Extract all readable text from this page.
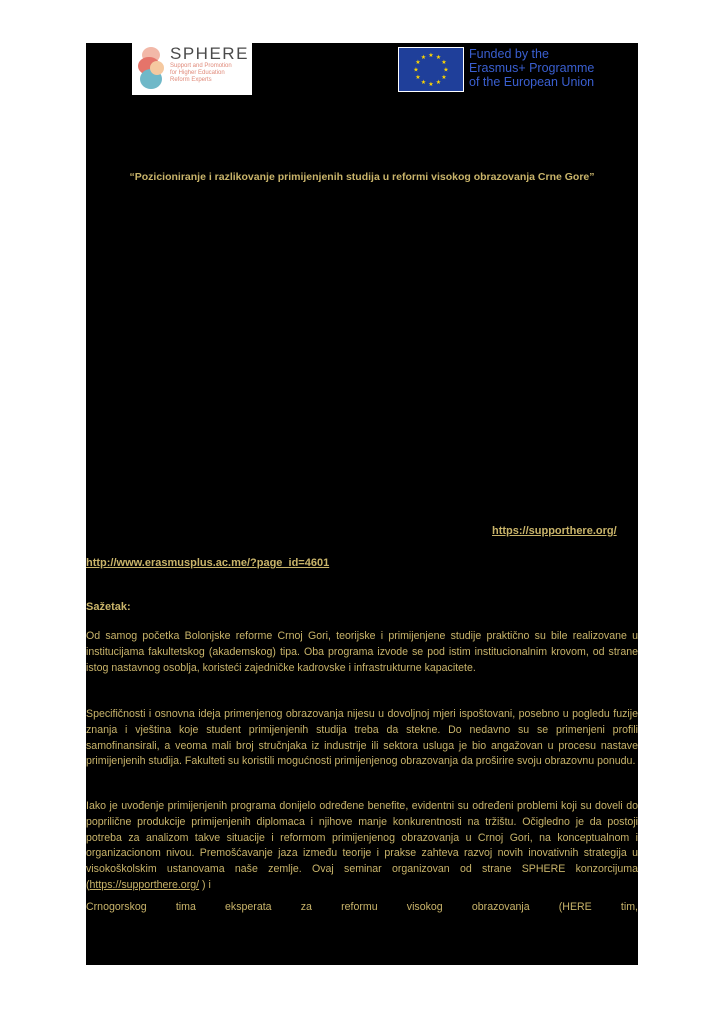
SPHERE
Support and Promotion
for Higher Education
Reform Experts
★ ★
★
★
★
★
★
★
★
★
★
★	Funded by the
Erasmus+ Programme
of the European Union
“Pozicioniranje i razlikovanje primijenjenih studija u reformi visokog obrazovanja Crne Gore”
https://supporthere.org/
http://www.erasmusplus.ac.me/?page_id=4601
Sažetak:

Od samog početka Bolonjske reforme Crnoj Gori, teorijske i primijenjene studije praktično su bile realizovane u institucijama fakultetskog (akademskog) tipa. Oba programa izvode se pod istim institucionalnim krovom, od strane istog nastavnog osoblja, koristeći zajedničke kadrovske i infrastrukturne kapacitete.

Specifičnosti i osnovna ideja primenjenog obrazovanja nijesu u dovoljnoj mjeri ispoštovani, posebno u pogledu fuzije znanja i vještina koje student primijenjenih studija treba da stekne. Do nedavno su se primenjeni profili samofinansirali, a veoma mali broj stručnjaka iz industrije ili sektora usluga je bio angažovan u procesu nastave primijenjenih studija. Fakulteti su koristili mogućnosti primijenjenog obrazovanja da proširire svoju obrazovnu ponudu.

Iako je uvođenje primijenjenih programa donijelo određene benefite, evidentni su određeni problemi koji su doveli do poprilične produkcije primijenjenih diplomaca i njihove manje konkurentnosti na tržištu. Očigledno je da postoji potreba za analizom takve situacije i reformom primijenjenog obrazovanja u Crnoj Gori, na konceptualnom i organizacionom nivou. Premošćavanje jaza između teorije i prakse zahteva razvoj novih inovativnih strategija u visokoškolskim ustanovama naše zemlje. Ovaj seminar organizovan od strane SPHERE konzorcijuma (https://supporthere.org/ ) i

Crnogorskog tima eksperata za reformu visokog obrazovanja (HERE tim,
